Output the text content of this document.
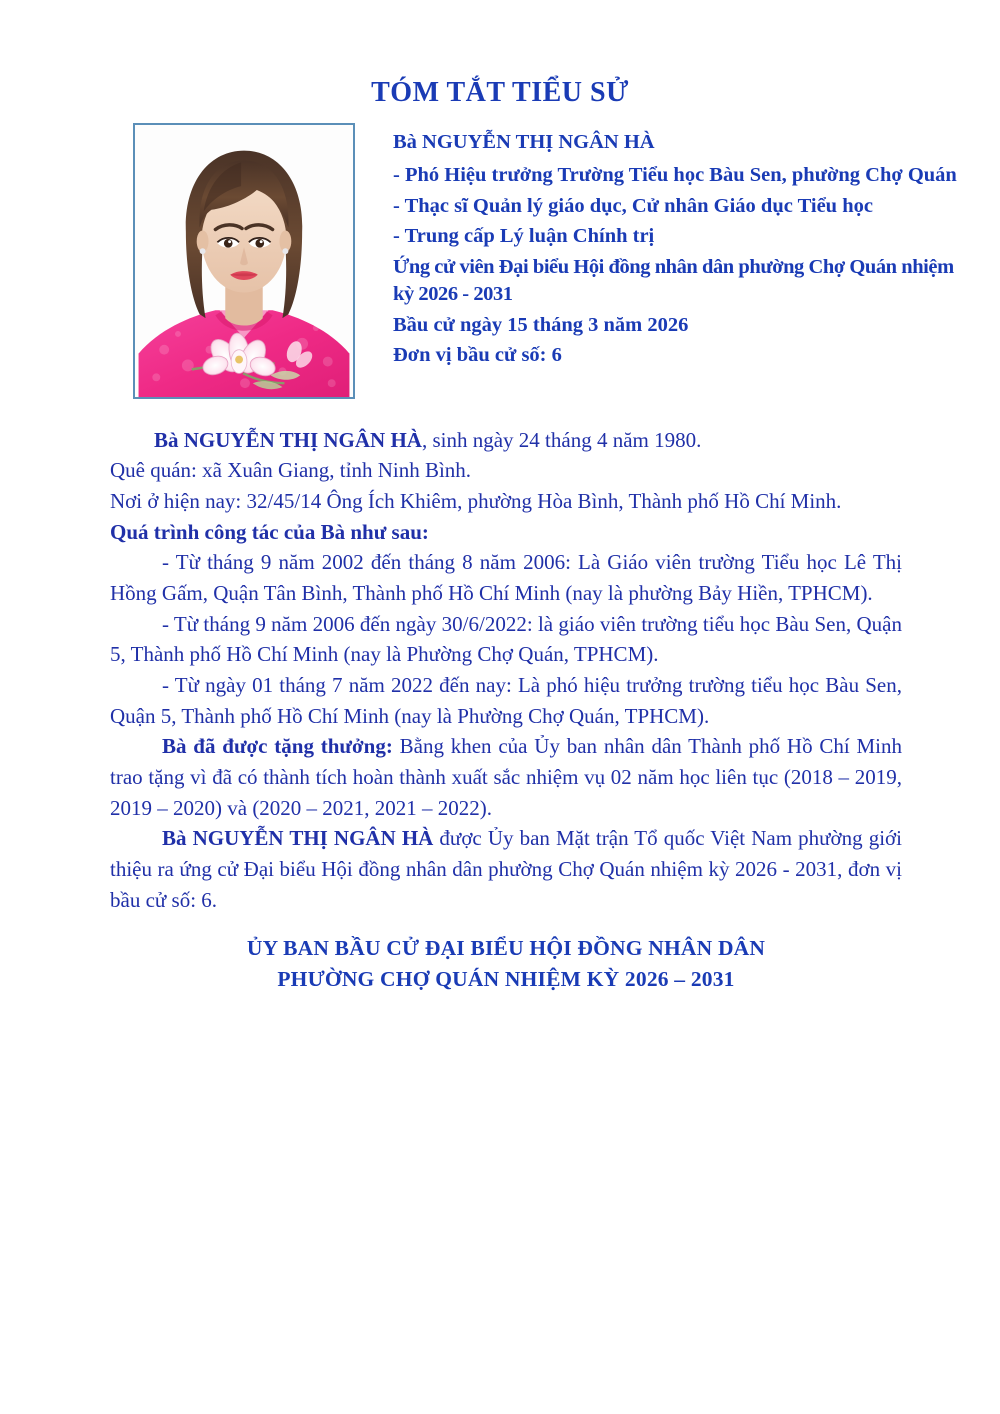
TÓM TẮT TIỂU SỬ
Bà NGUYỄN THỊ NGÂN HÀ
- Phó Hiệu trưởng Trường Tiểu học Bàu Sen, phường Chợ Quán
- Thạc sĩ Quản lý giáo dục, Cử nhân Giáo dục Tiểu học
- Trung cấp Lý luận Chính trị
Ứng cử viên Đại biểu Hội đồng nhân dân phường Chợ Quán nhiệm kỳ 2026 - 2031
Bầu cử ngày 15 tháng 3 năm 2026
Đơn vị bầu cử số: 6

Bà NGUYỄN THỊ NGÂN HÀ, sinh ngày 24 tháng 4 năm 1980.

Quê quán: xã Xuân Giang, tỉnh Ninh Bình.

Nơi ở hiện nay: 32/45/14 Ông Ích Khiêm, phường Hòa Bình, Thành phố Hồ Chí Minh.

Quá trình công tác của Bà như sau:

- Từ tháng 9 năm 2002 đến tháng 8 năm 2006: Là Giáo viên trường Tiểu học Lê Thị Hồng Gấm, Quận Tân Bình, Thành phố Hồ Chí Minh (nay là phường Bảy Hiền, TPHCM).

- Từ tháng 9 năm 2006 đến ngày 30/6/2022: là giáo viên trường tiểu học Bàu Sen, Quận 5, Thành phố Hồ Chí Minh (nay là Phường Chợ Quán, TPHCM).

- Từ ngày 01 tháng 7 năm 2022 đến nay: Là phó hiệu trưởng trường tiểu học Bàu Sen, Quận 5, Thành phố Hồ Chí Minh (nay là Phường Chợ Quán, TPHCM).

Bà đã được tặng thưởng: Bằng khen của Ủy ban nhân dân Thành phố Hồ Chí Minh trao tặng vì đã có thành tích hoàn thành xuất sắc nhiệm vụ 02 năm học liên tục (2018 – 2019, 2019 – 2020) và (2020 – 2021, 2021 – 2022).

Bà NGUYỄN THỊ NGÂN HÀ được Ủy ban Mặt trận Tổ quốc Việt Nam phường giới thiệu ra ứng cử Đại biểu Hội đồng nhân dân phường Chợ Quán nhiệm kỳ 2026 - 2031, đơn vị bầu cử số: 6.

ỦY BAN BẦU CỬ ĐẠI BIỂU HỘI ĐỒNG NHÂN DÂN
PHƯỜNG CHỢ QUÁN NHIỆM KỲ 2026 – 2031
